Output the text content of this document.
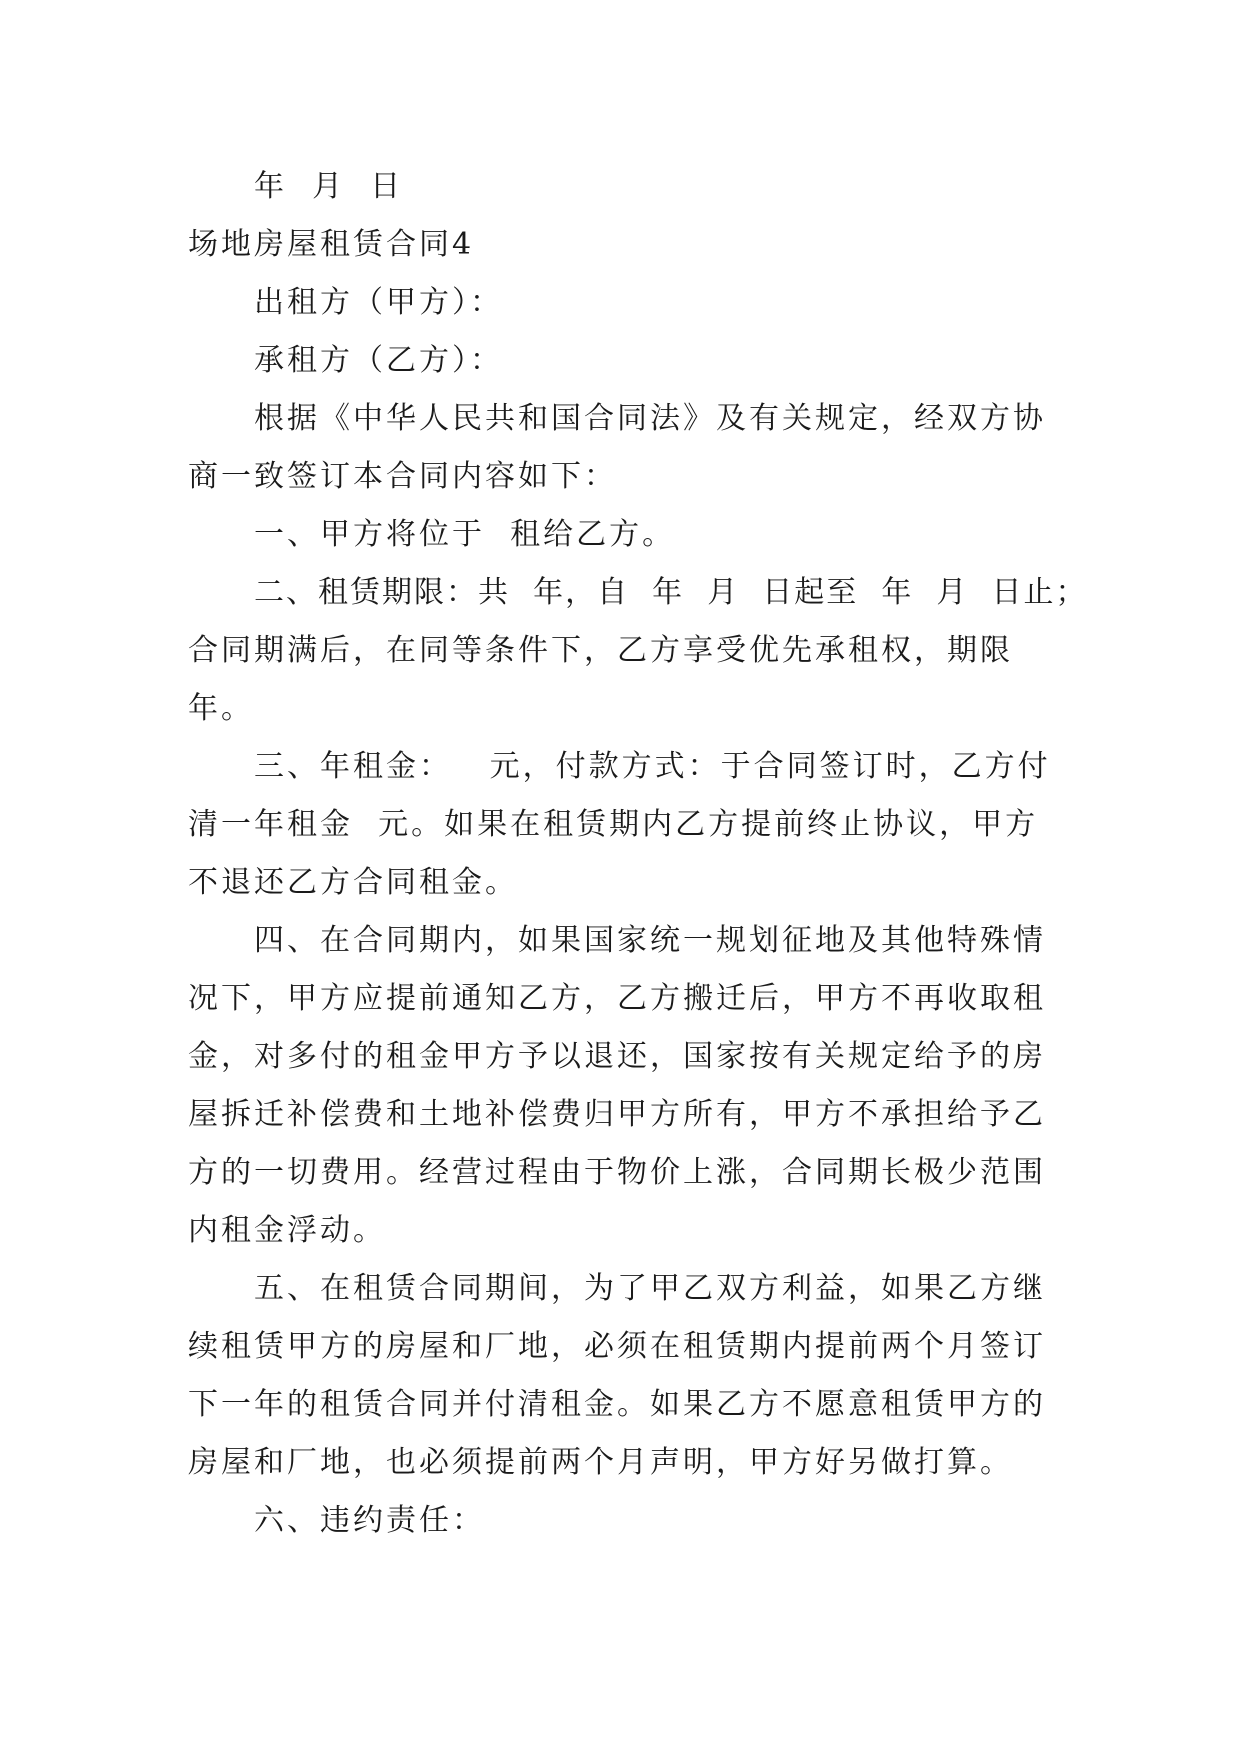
年  月  日
场地房屋租赁合同4
出租方（甲方）：
承租方（乙方）：
根据《中华人民共和国合同法》及有关规定，经双方协
商一致签订本合同内容如下：
一、甲方将位于  租给乙方。
二、租赁期限：共  年，自  年  月  日起至  年  月  日止；
合同期满后，在同等条件下，乙方享受优先承租权，期限
年。
三、年租金：   元，付款方式：于合同签订时，乙方付
清一年租金  元。如果在租赁期内乙方提前终止协议，甲方
不退还乙方合同租金。
四、在合同期内，如果国家统一规划征地及其他特殊情
况下，甲方应提前通知乙方，乙方搬迁后，甲方不再收取租
金，对多付的租金甲方予以退还，国家按有关规定给予的房
屋拆迁补偿费和土地补偿费归甲方所有，甲方不承担给予乙
方的一切费用。经营过程由于物价上涨，合同期长极少范围
内租金浮动。
五、在租赁合同期间，为了甲乙双方利益，如果乙方继
续租赁甲方的房屋和厂地，必须在租赁期内提前两个月签订
下一年的租赁合同并付清租金。如果乙方不愿意租赁甲方的
房屋和厂地，也必须提前两个月声明，甲方好另做打算。
六、违约责任：
